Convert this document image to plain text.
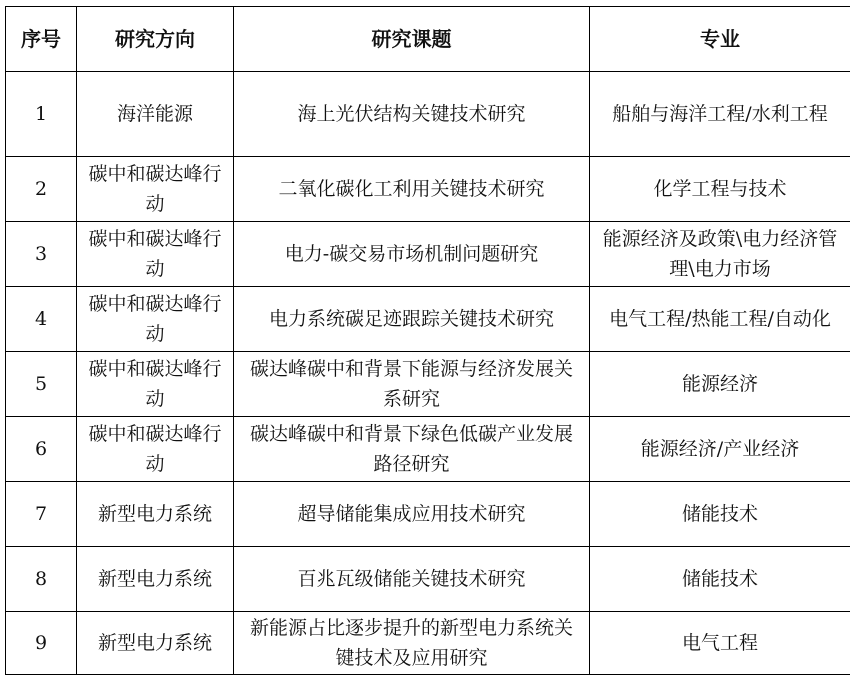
序号	研究方向	研究课题	专业
1	海洋能源	海上光伏结构关键技术研究	船舶与海洋工程/水利工程
2	碳中和碳达峰行动	二氧化碳化工利用关键技术研究	化学工程与技术
3	碳中和碳达峰行动	电力-碳交易市场机制问题研究	能源经济及政策\电力经济管理\电力市场
4	碳中和碳达峰行动	电力系统碳足迹跟踪关键技术研究	电气工程/热能工程/自动化
5	碳中和碳达峰行动	碳达峰碳中和背景下能源与经济发展关系研究	能源经济
6	碳中和碳达峰行动	碳达峰碳中和背景下绿色低碳产业发展路径研究	能源经济/产业经济
7	新型电力系统	超导储能集成应用技术研究	储能技术
8	新型电力系统	百兆瓦级储能关键技术研究	储能技术
9	新型电力系统	新能源占比逐步提升的新型电力系统关键技术及应用研究	电气工程
